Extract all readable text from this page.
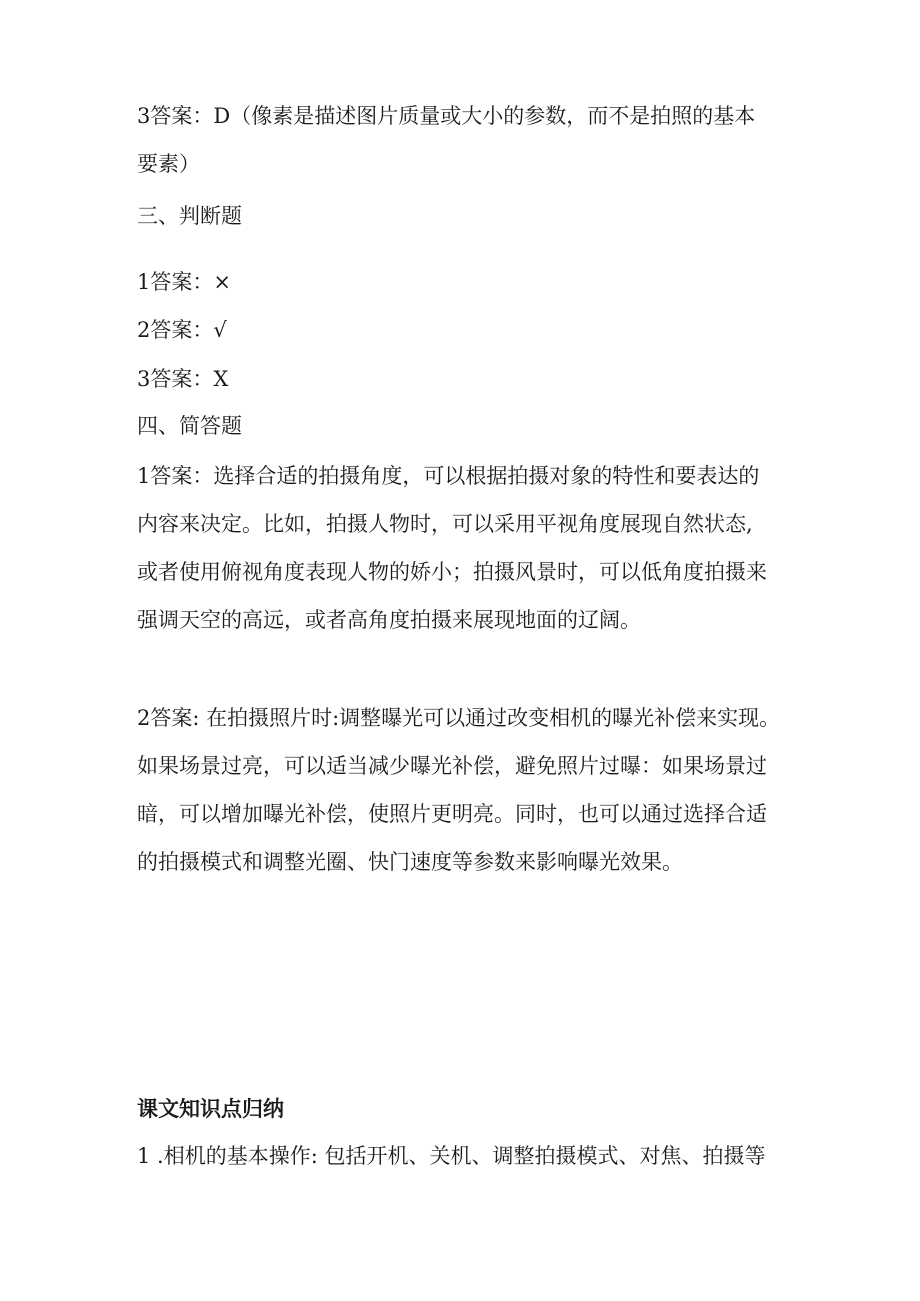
3答案：D（像素是描述图片质量或大小的参数，而不是拍照的基本
要素）
三、判断题
1答案：×
2答案：√
3答案：X
四、简答题
1答案：选择合适的拍摄角度，可以根据拍摄对象的特性和要表达的
内容来决定。比如，拍摄人物时，可以采用平视角度展现自然状态,
或者使用俯视角度表现人物的娇小；拍摄风景时，可以低角度拍摄来
强调天空的高远，或者高角度拍摄来展现地面的辽阔。
2答案: 在拍摄照片时:调整曝光可以通过改变相机的曝光补偿来实现。
如果场景过亮，可以适当减少曝光补偿，避免照片过曝：如果场景过
暗，可以增加曝光补偿，使照片更明亮。同时，也可以通过选择合适
的拍摄模式和调整光圈、快门速度等参数来影响曝光效果。
课文知识点归纳
1 .相机的基本操作: 包括开机、关机、调整拍摄模式、对焦、拍摄等
